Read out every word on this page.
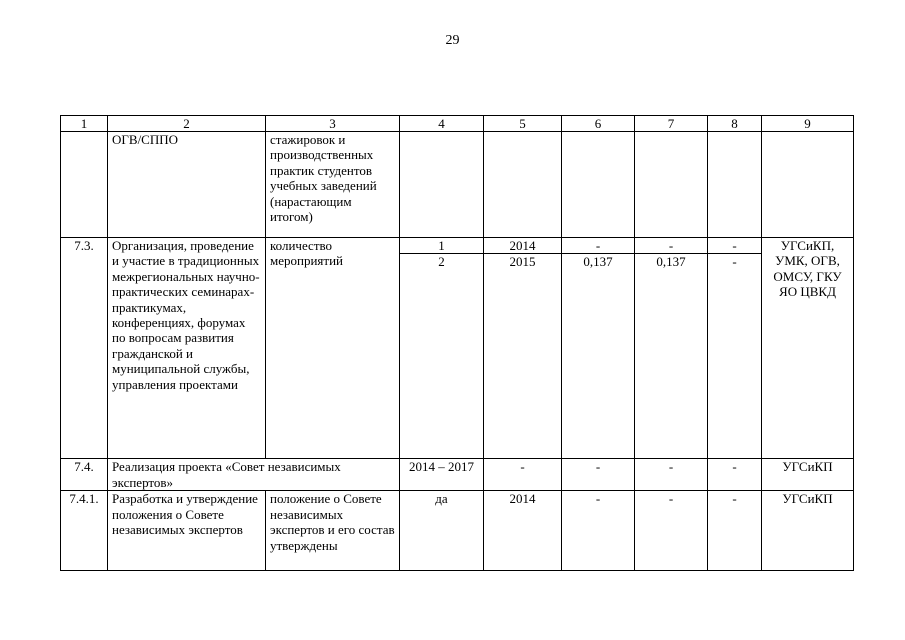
29
1	2	3	4	5	6	7	8	9
	ОГВ/СППО	стажировок и производственных практик студентов учебных заведений (нарастающим итогом)						
7.3.	Организация, проведение и участие в традиционных межрегиональных научно-практических семинарах-практикумах, конференциях, форумах по вопросам развития гражданской и муниципальной службы, управления проектами	количество мероприятий	1	2014	-	-	-	УГСиКП, УМК, ОГВ, ОМСУ, ГКУ ЯО ЦВКД
			2	2015	0,137	0,137	-	
7.4.	Реализация проекта «Совет независимых экспертов»		2014 – 2017	-	-	-	-	УГСиКП
7.4.1.	Разработка и утверждение положения о Совете независимых экспертов	положение о Совете независимых экспертов и его состав утверждены	да	2014	-	-	-	УГСиКП
